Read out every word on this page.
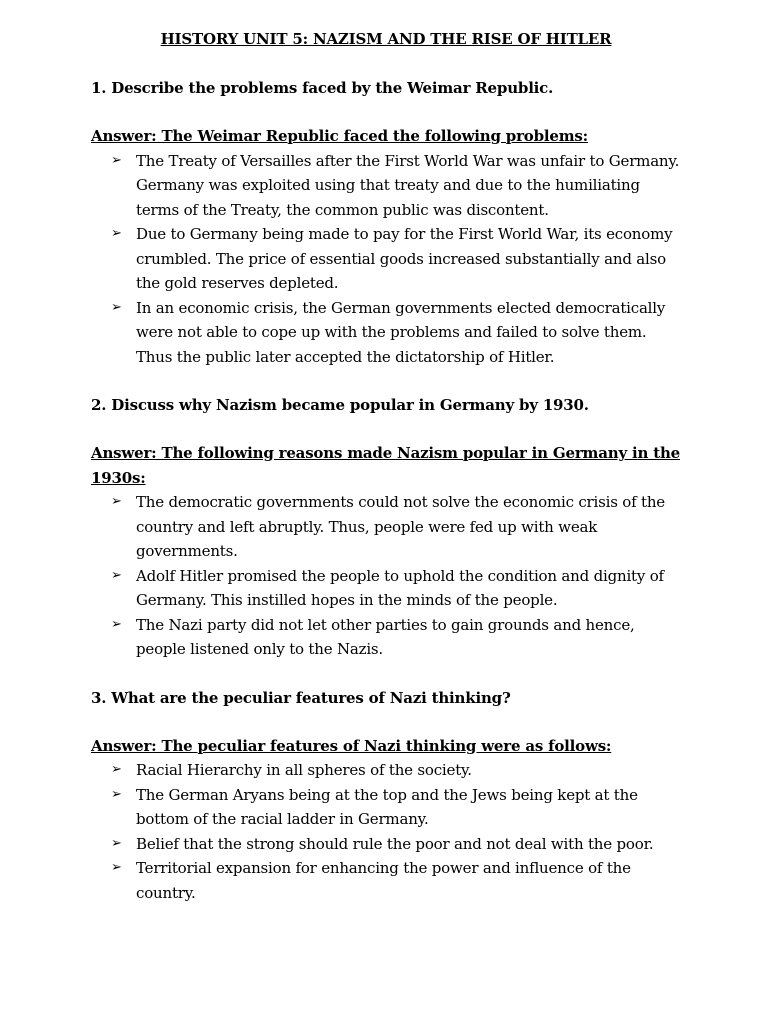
HISTORY UNIT 5: NAZISM AND THE RISE OF HITLER

1. Describe the problems faced by the Weimar Republic.

Answer: The Weimar Republic faced the following problems:

➢ The Treaty of Versailles after the First World War was unfair to Germany. Germany was exploited using that treaty and due to the humiliating terms of the Treaty, the common public was discontent.
➢ Due to Germany being made to pay for the First World War, its economy crumbled. The price of essential goods increased substantially and also the gold reserves depleted.
➢ In an economic crisis, the German governments elected democratically were not able to cope up with the problems and failed to solve them. Thus the public later accepted the dictatorship of Hitler.

2. Discuss why Nazism became popular in Germany by 1930.

Answer: The following reasons made Nazism popular in Germany in the 1930s:

➢ The democratic governments could not solve the economic crisis of the country and left abruptly. Thus, people were fed up with weak governments.
➢ Adolf Hitler promised the people to uphold the condition and dignity of Germany. This instilled hopes in the minds of the people.
➢ The Nazi party did not let other parties to gain grounds and hence, people listened only to the Nazis.

3. What are the peculiar features of Nazi thinking?

Answer: The peculiar features of Nazi thinking were as follows:

➢ Racial Hierarchy in all spheres of the society.
➢ The German Aryans being at the top and the Jews being kept at the bottom of the racial ladder in Germany.
➢ Belief that the strong should rule the poor and not deal with the poor.
➢ Territorial expansion for enhancing the power and influence of the country.
